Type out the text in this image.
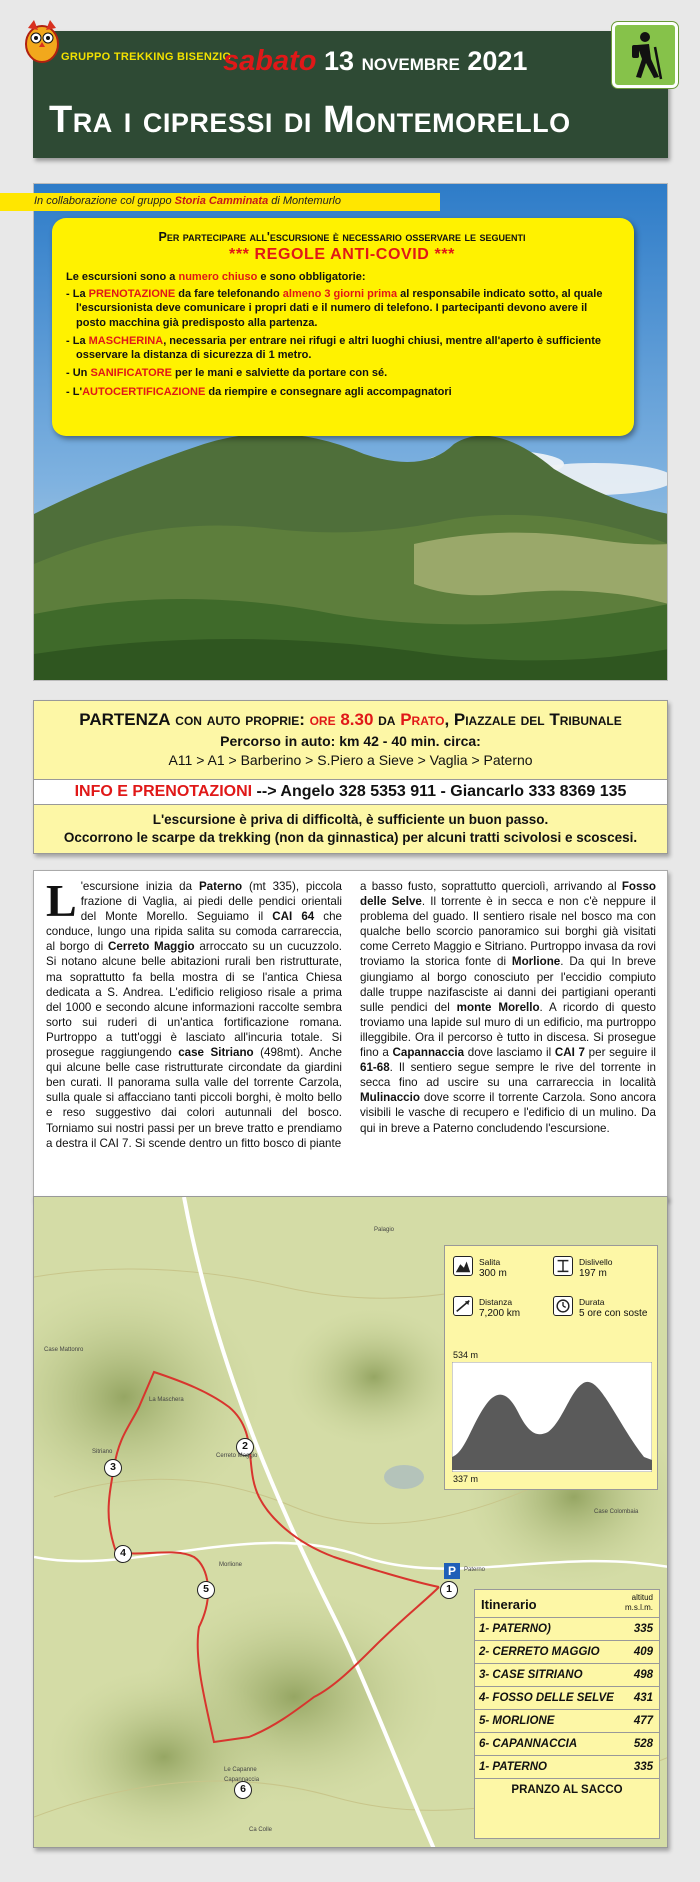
GRUPPO TREKKING BISENZIO
sabato 13 novembre 2021
Tra i cipressi di Montemorello
In collaborazione col gruppo Storia Camminata di Montemurlo
Per partecipare all'escursione è necessario osservare le seguenti
*** REGOLE ANTI-COVID ***
Le escursioni sono a numero chiuso e sono obbligatorie:
- La PRENOTAZIONE da fare telefonando almeno 3 giorni prima al responsabile indicato sotto, al quale l'escursionista deve comunicare i propri dati e il numero di telefono. I partecipanti devono avere il posto macchina già predisposto alla partenza.
- La MASCHERINA, necessaria per entrare nei rifugi e altri luoghi chiusi, mentre all'aperto è sufficiente osservare la distanza di sicurezza di 1 metro.
- Un SANIFICATORE per le mani e salviette da portare con sé.
- L'AUTOCERTIFICAZIONE da riempire e consegnare agli accompagnatori
PARTENZA con auto proprie: ore 8.30 da Prato, Piazzale del Tribunale
Percorso in auto: km 42 - 40 min. circa:
A11 > A1 > Barberino > S.Piero a Sieve > Vaglia > Paterno
INFO E PRENOTAZIONI --> Angelo 328 5353 911 - Giancarlo 333 8369 135
L'escursione è priva di difficoltà, è sufficiente un buon passo.
Occorrono le scarpe da trekking (non da ginnastica) per alcuni tratti scivolosi e scoscesi.
L 'escursione inizia da Paterno (mt 335), piccola frazione di Vaglia, ai piedi delle pendici orientali del Monte Morello. Seguiamo il CAI 64 che conduce, lungo una ripida salita su comoda carrareccia, al borgo di Cerreto Maggio arroccato su un cucuzzolo. Si notano alcune belle abitazioni rurali ben ristrutturate, ma soprattutto fa bella mostra di se l'antica Chiesa dedicata a S. Andrea. L'edificio religioso risale a prima del 1000 e secondo alcune informazioni raccolte sembra sorto sui ruderi di un'antica fortificazione romana. Purtroppo a tutt'oggi è lasciato all'incuria totale. Si prosegue raggiungendo case Sitriano (498mt). Anche qui alcune belle case ristrutturate circondate da giardini ben curati. Il panorama sulla valle del torrente Carzola, sulla quale si affacciano tanti piccoli borghi, è molto bello e reso suggestivo dai colori autunnali del bosco. Torniamo sui nostri passi per un breve tratto e prendiamo a destra il CAI 7. Si scende dentro un fitto bosco di piante
a basso fusto, soprattutto querciolì, arrivando al Fosso delle Selve. Il torrente è in secca e non c'è neppure il problema del guado. Il sentiero risale nel bosco ma con qualche bello scorcio panoramico sui borghi già visitati come Cerreto Maggio e Sitriano. Purtroppo invasa da rovi troviamo la storica fonte di Morlione. Da qui In breve giungiamo al borgo conosciuto per l'eccidio compiuto dalle truppe nazifasciste ai danni dei partigiani operanti sulle pendici del monte Morello. A ricordo di questo troviamo una lapide sul muro di un edificio, ma purtroppo illeggibile. Ora il percorso è tutto in discesa. Si prosegue fino a Capannaccia dove lasciamo il CAI 7 per seguire il 61-68. Il sentiero segue sempre le rive del torrente in secca fino ad uscire su una carrareccia in località Mulinaccio dove scorre il torrente Carzola. Sono ancora visibili le vasche di recupero e l'edificio di un mulino. Da qui in breve a Paterno concludendo l'escursione.
P
1
2
3
4
5
6
Case Mattonro
La Maschera
Cerreto Maggio
Sitriano
Morlione
Le Capanne
Capannaccia
Ca Colle
Paterno
Case Colombaia
Palagio
Salita
300 m
Dislivello
197 m
Distanza
7,200 km
Durata
5 ore con soste
534 m
337 m
Itinerario	altitud
m.s.l.m.
1- PATERNO)	335
2- CERRETO MAGGIO	409
3- CASE SITRIANO	498
4- FOSSO DELLE SELVE 431
5- MORLIONE	477
6- CAPANNACCIA	528
1- PATERNO	335
PRANZO AL SACCO
